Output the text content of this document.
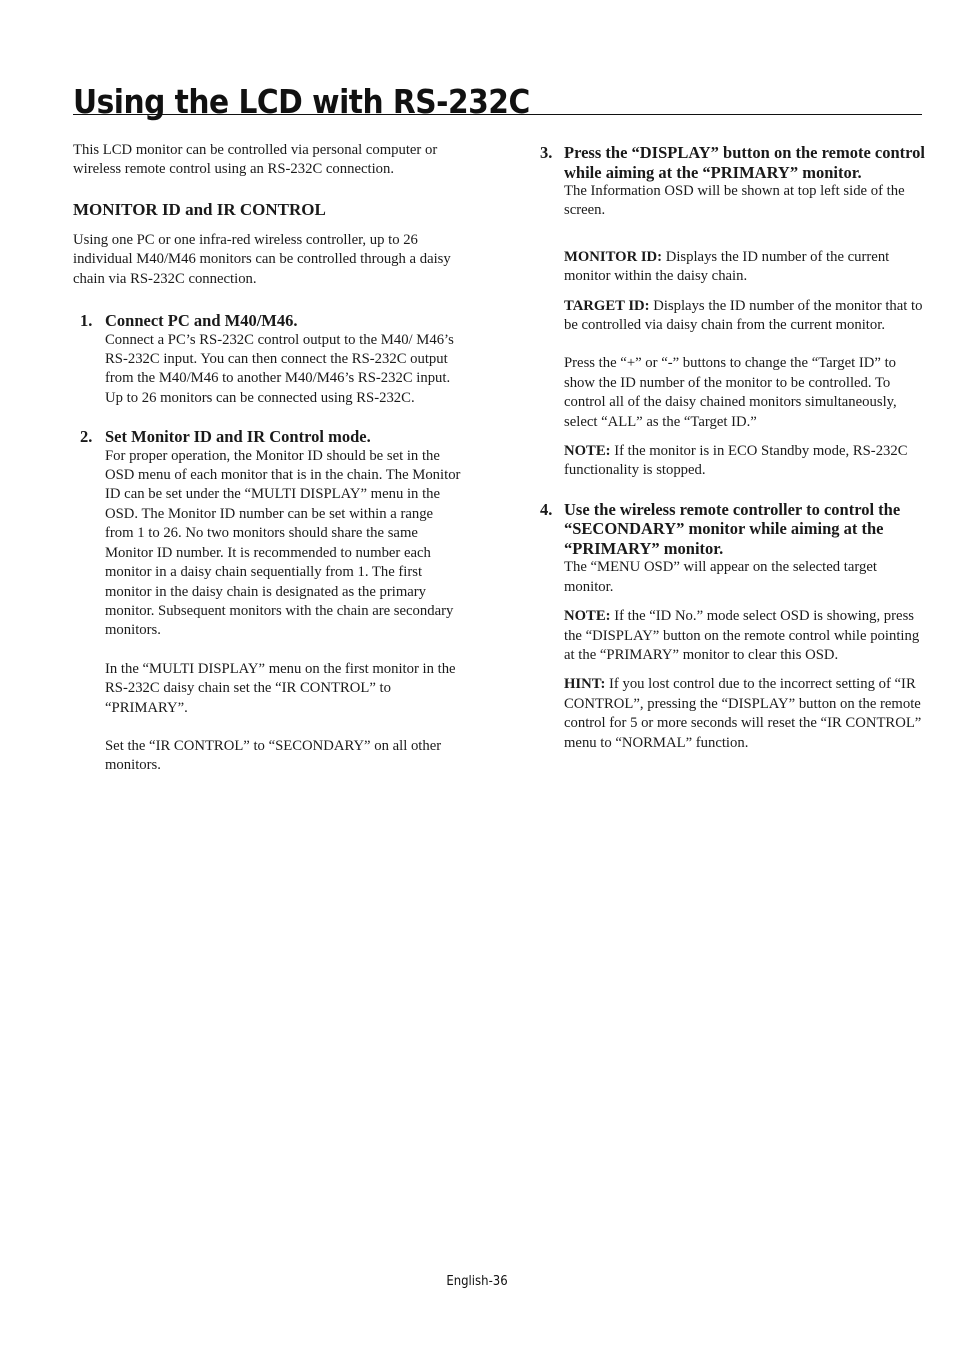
Using the LCD with RS-232C

This LCD monitor can be controlled via personal computer or wireless remote control using an RS-232C connection.

MONITOR ID and IR CONTROL

Using one PC or one infra-red wireless controller, up to 26 individual M40/M46 monitors can be controlled through a daisy chain via RS-232C connection.

1. Connect PC and M40/M46.

Connect a PC’s RS-232C control output to the M40/ M46’s RS-232C input. You can then connect the RS-232C output from the M40/M46 to another M40/M46’s RS-232C input. Up to 26 monitors can be connected using RS-232C.

2. Set Monitor ID and IR Control mode.

For proper operation, the Monitor ID should be set in the OSD menu of each monitor that is in the chain. The Monitor ID can be set under the “MULTI DISPLAY” menu in the OSD. The Monitor ID number can be set within a range from 1 to 26. No two monitors should share the same Monitor ID number. It is recommended to number each monitor in a daisy chain sequentially from 1. The first monitor in the daisy chain is designated as the primary monitor. Subsequent monitors with the chain are secondary monitors.

In the “MULTI DISPLAY” menu on the first monitor in the RS-232C daisy chain set the “IR CONTROL” to “PRIMARY”.

Set the “IR CONTROL” to “SECONDARY” on all other monitors.

3. Press the “DISPLAY” button on the remote control while aiming at the “PRIMARY” monitor.

The Information OSD will be shown at top left side of the screen.

MONITOR ID: Displays the ID number of the current monitor within the daisy chain.

TARGET ID: Displays the ID number of the monitor that to be controlled via daisy chain from the current monitor.

Press the “+” or “-” buttons to change the “Target ID” to show the ID number of the monitor to be controlled. To control all of the daisy chained monitors simultaneously, select “ALL” as the “Target ID.”

NOTE: If the monitor is in ECO Standby mode, RS-232C functionality is stopped.

4. Use the wireless remote controller to control the “SECONDARY” monitor while aiming at the “PRIMARY” monitor.

The “MENU OSD” will appear on the selected target monitor.

NOTE: If the “ID No.” mode select OSD is showing, press the “DISPLAY” button on the remote control while pointing at the “PRIMARY” monitor to clear this OSD.

HINT: If you lost control due to the incorrect setting of “IR CONTROL”, pressing the “DISPLAY” button on the remote control for 5 or more seconds will reset the “IR CONTROL” menu to “NORMAL” function.

English-36
